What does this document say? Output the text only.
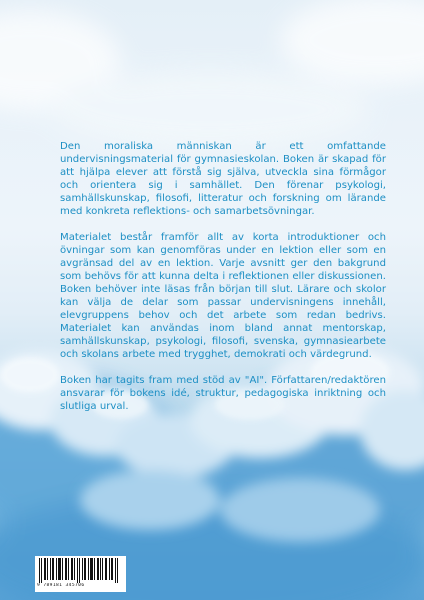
Den moraliska människan är ett omfattande undervisningsmaterial för gymnasieskolan. Boken är skapad för att hjälpa elever att förstå sig själva, utveckla sina förmågor och orientera sig i samhället. Den förenar psykologi, samhällskunskap, filosofi, litteratur och forskning om lärande med konkreta reflektions- och samarbetsövningar.

Materialet består framför allt av korta introduktioner och övningar som kan genomföras under en lektion eller som en avgränsad del av en lektion. Varje avsnitt ger den bakgrund som behövs för att kunna delta i reflektionen eller diskussionen. Boken behöver inte läsas från början till slut. Lärare och skolor kan välja de delar som passar undervisningens innehåll, elevgruppens behov och det arbete som redan bedrivs. Materialet kan användas inom bland annat mentorskap, samhällskunskap, psykologi, filosofi, svenska, gymnasiearbete och skolans arbete med trygghet, demokrati och värdegrund.

Boken har tagits fram med stöd av "AI". Författaren/redaktören ansvarar för bokens idé, struktur, pedagogiska inriktning och slutliga urval.

9 789181 345706
